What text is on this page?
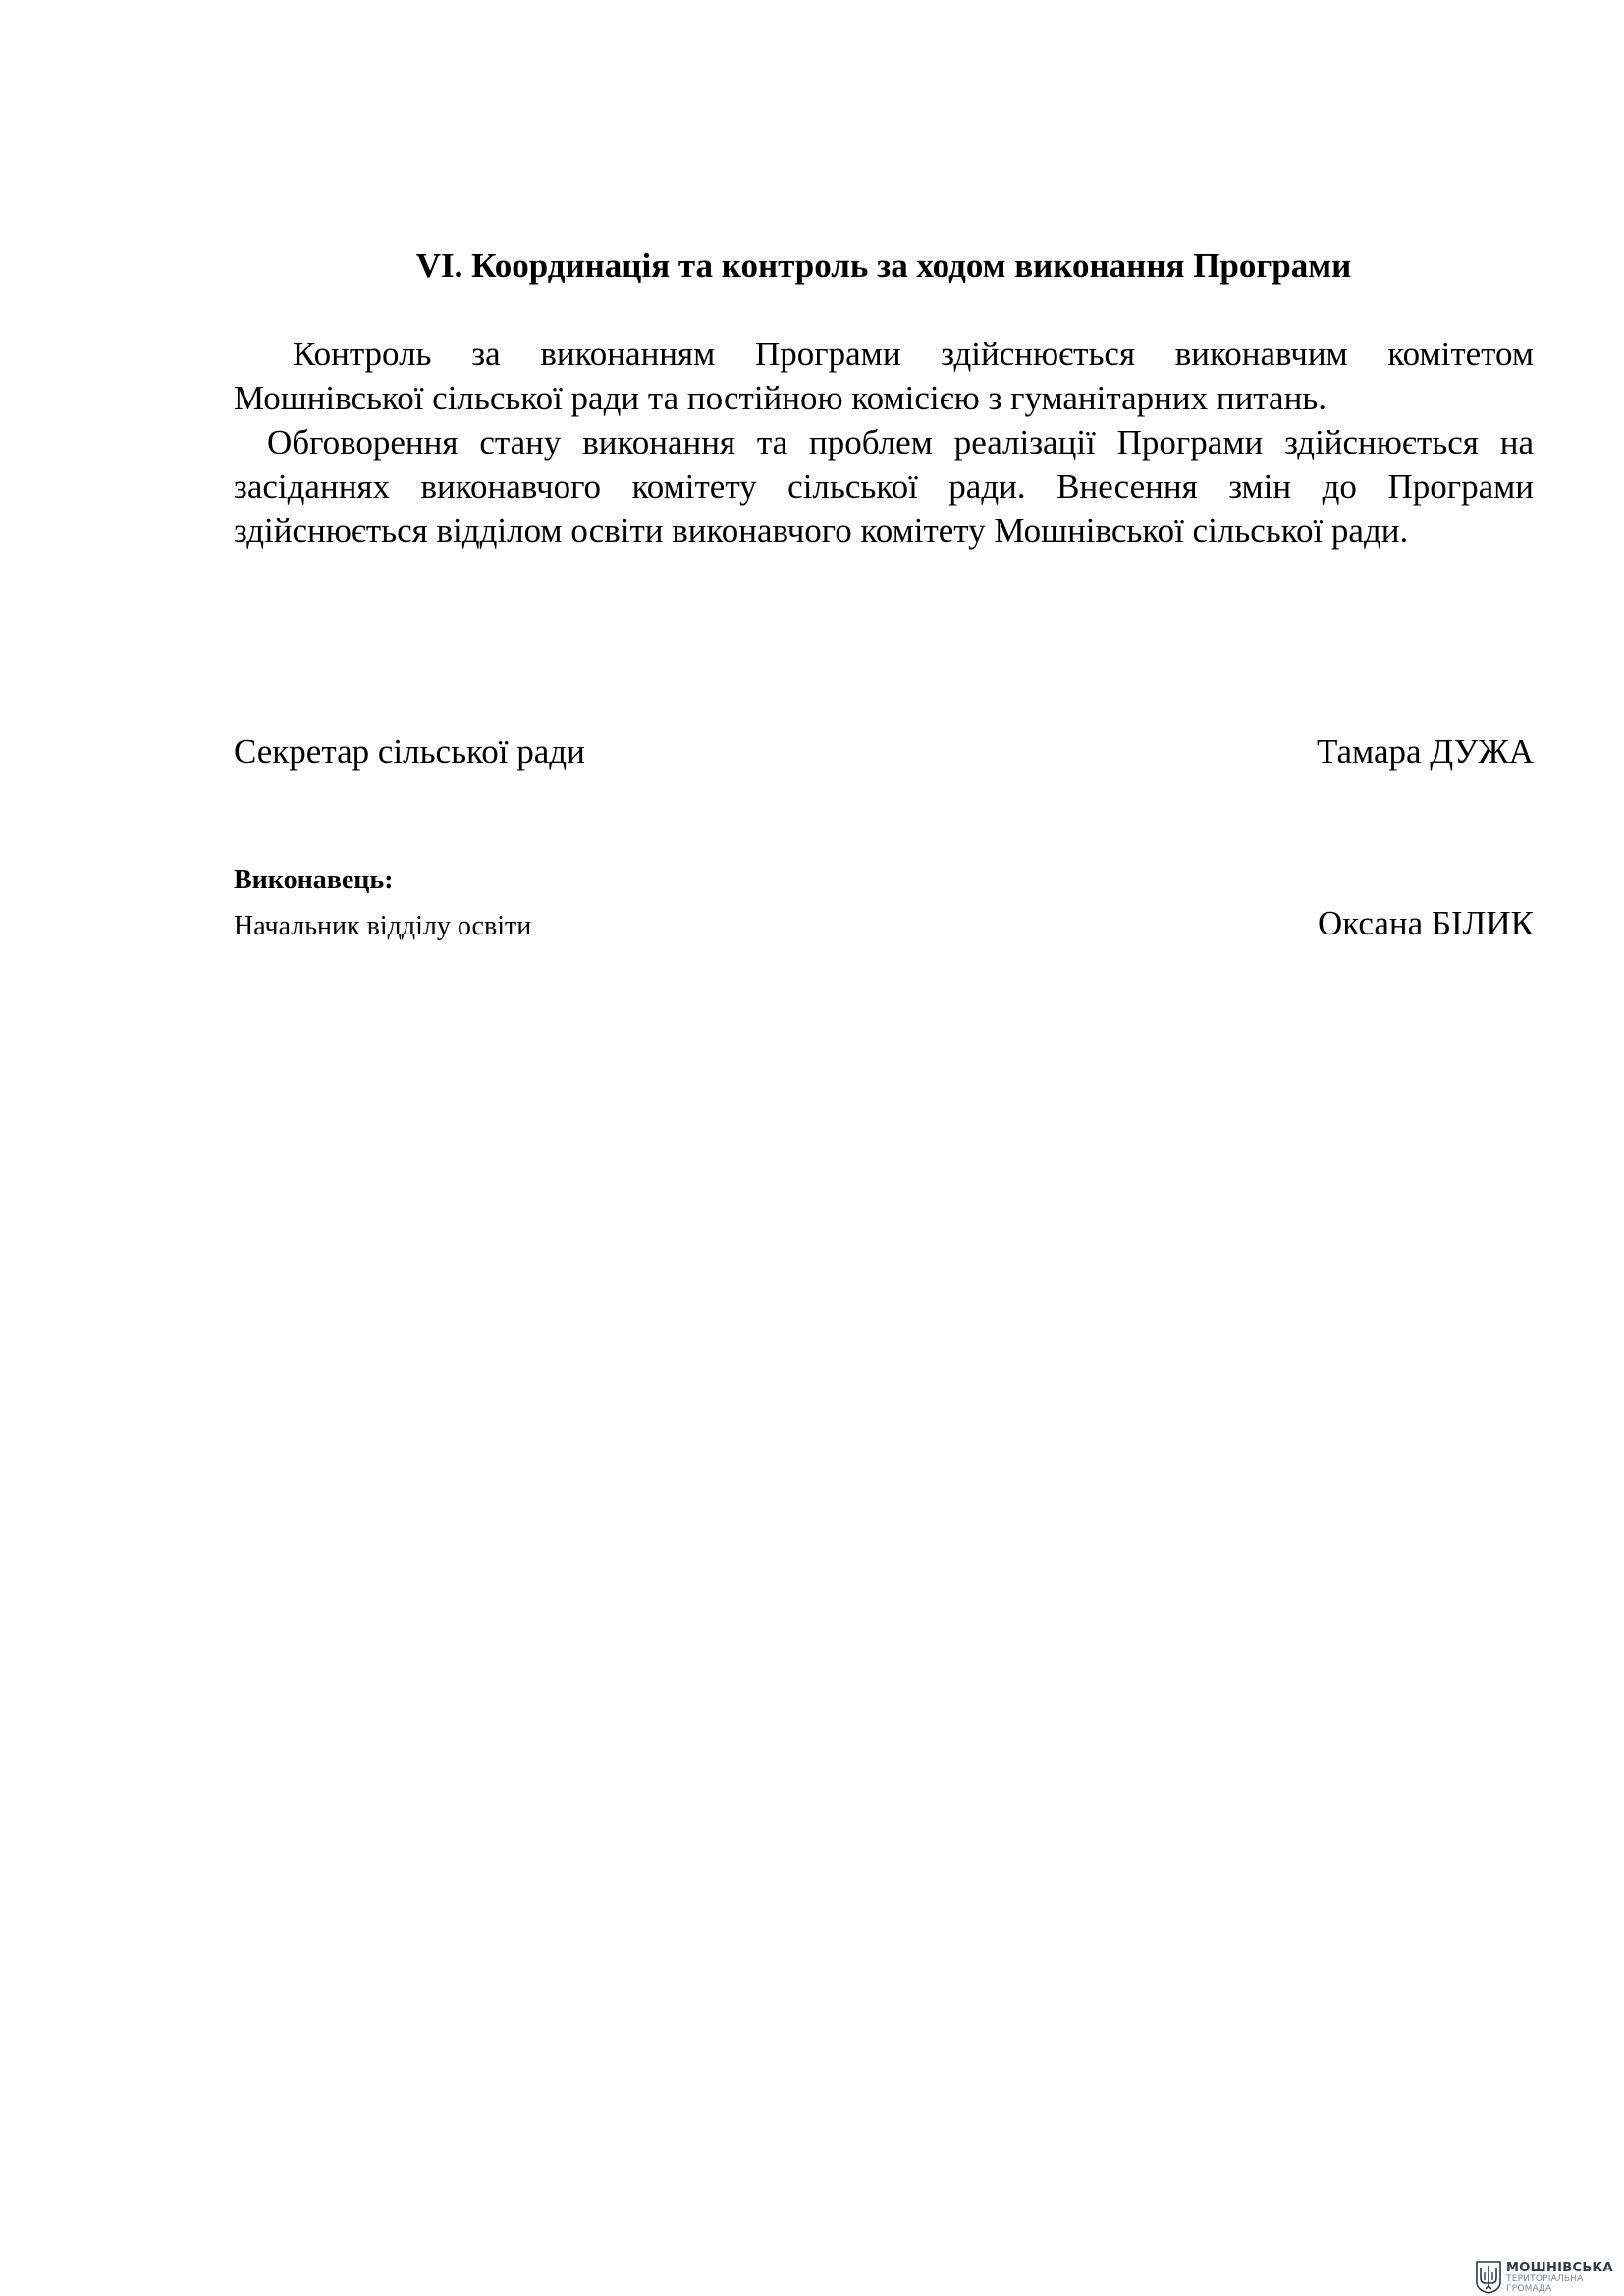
VI. Координація та контроль за ходом виконання Програми

Контроль за виконанням Програми здійснюється виконавчим комітетом Мошнівської сільської ради та постійною комісією з гуманітарних питань.

Обговорення стану виконання та проблем реалізації Програми здійснюється на засіданнях виконавчого комітету сільської ради. Внесення змін до Програми здійснюється відділом освіти виконавчого комітету Мошнівської сільської ради.

Секретар сільської ради	Тамара ДУЖА
Виконавець:
Начальник відділу освіти	Оксана БІЛИК
МОШНІВСЬКА
ТЕРИТОРІАЛЬНА
ГРОМАДА
